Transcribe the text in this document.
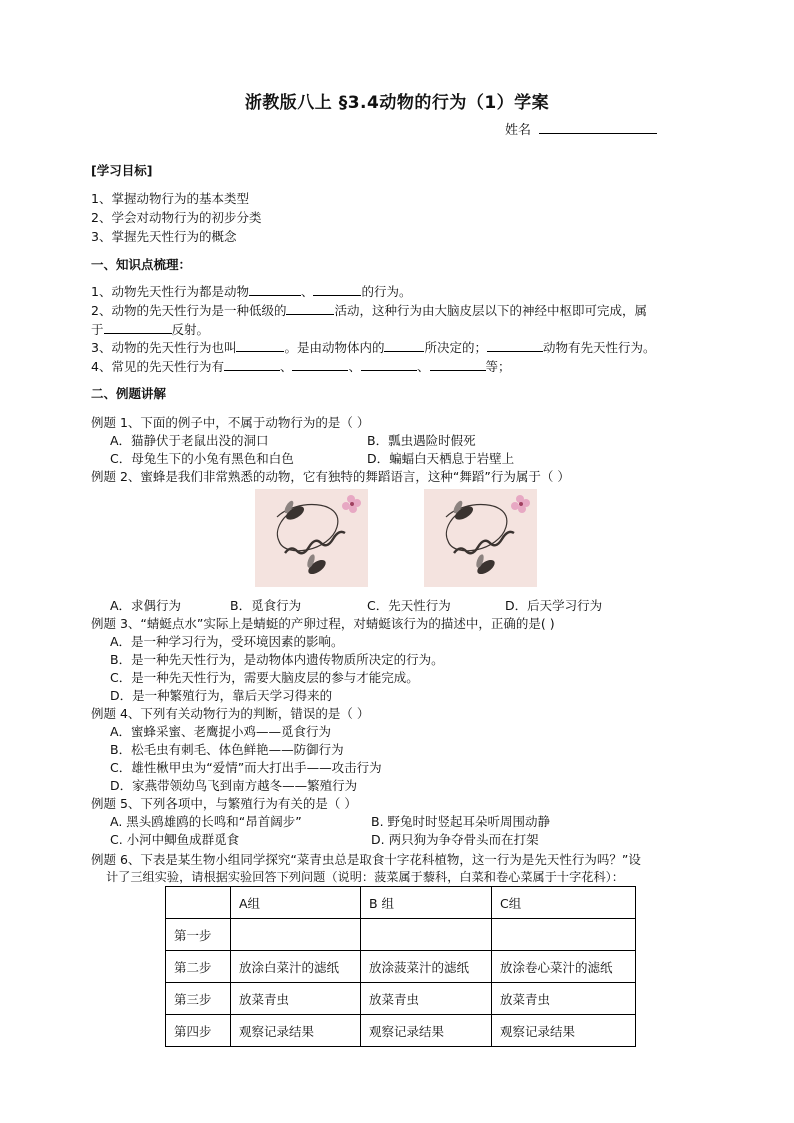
浙教版八上 §3.4动物的行为（1）学案
姓名
[学习目标]
1、掌握动物行为的基本类型
2、学会对动物行为的初步分类
3、掌握先天性行为的概念
一、知识点梳理：
1、动物先天性行为都是动物	、	的行为。
2、动物的先天性行为是一种低级的	活动，这种行为由大脑皮层以下的神经中枢即可完成，属
于	反射。
3、动物的先天性行为也叫	。是由动物体内的	所决定的；	动物有先天性行为。
4、常见的先天性行为有	、	、	、	等；
二、例题讲解
例题 1、下面的例子中，不属于动物行为的是（ ）
A．猫静伏于老鼠出没的洞口	B．瓢虫遇险时假死
C．母兔生下的小兔有黑色和白色	D．蝙蝠白天栖息于岩壁上
例题 2、蜜蜂是我们非常熟悉的动物，它有独特的舞蹈语言，这种“舞蹈”行为属于（ ）
A．求偶行为	B．觅食行为	C．先天性行为	D．后天学习行为
例题 3、“蜻蜓点水”实际上是蜻蜓的产卵过程，对蜻蜓该行为的描述中，正确的是( )
A．是一种学习行为，受环境因素的影响。
B．是一种先天性行为，是动物体内遗传物质所决定的行为。
C．是一种先天性行为，需要大脑皮层的参与才能完成。
D．是一种繁殖行为，靠后天学习得来的
例题 4、下列有关动物行为的判断，错误的是（ ）
A．蜜蜂采蜜、老鹰捉小鸡——觅食行为
B．松毛虫有刺毛、体色鲜艳——防御行为
C．雄性楸甲虫为“爱情”而大打出手——攻击行为
D．家燕带领幼鸟飞到南方越冬——繁殖行为
例题 5、下列各项中，与繁殖行为有关的是（ ）
A. 黑头鸥雄鸥的长鸣和“昂首阔步”	B. 野兔时时竖起耳朵听周围动静
C. 小河中鲫鱼成群觅食	D. 两只狗为争夺骨头而在打架
例题 6、下表是某生物小组同学探究“菜青虫总是取食十字花科植物，这一行为是先天性行为吗？”设
计了三组实验，请根据实验回答下列问题（说明：菠菜属于藜科，白菜和卷心菜属于十字花科）：
	A组	B 组	C组
第一步			
第二步	放涂白菜汁的滤纸	放涂菠菜汁的滤纸	放涂卷心菜汁的滤纸
第三步	放菜青虫	放菜青虫	放菜青虫
第四步	观察记录结果	观察记录结果	观察记录结果
